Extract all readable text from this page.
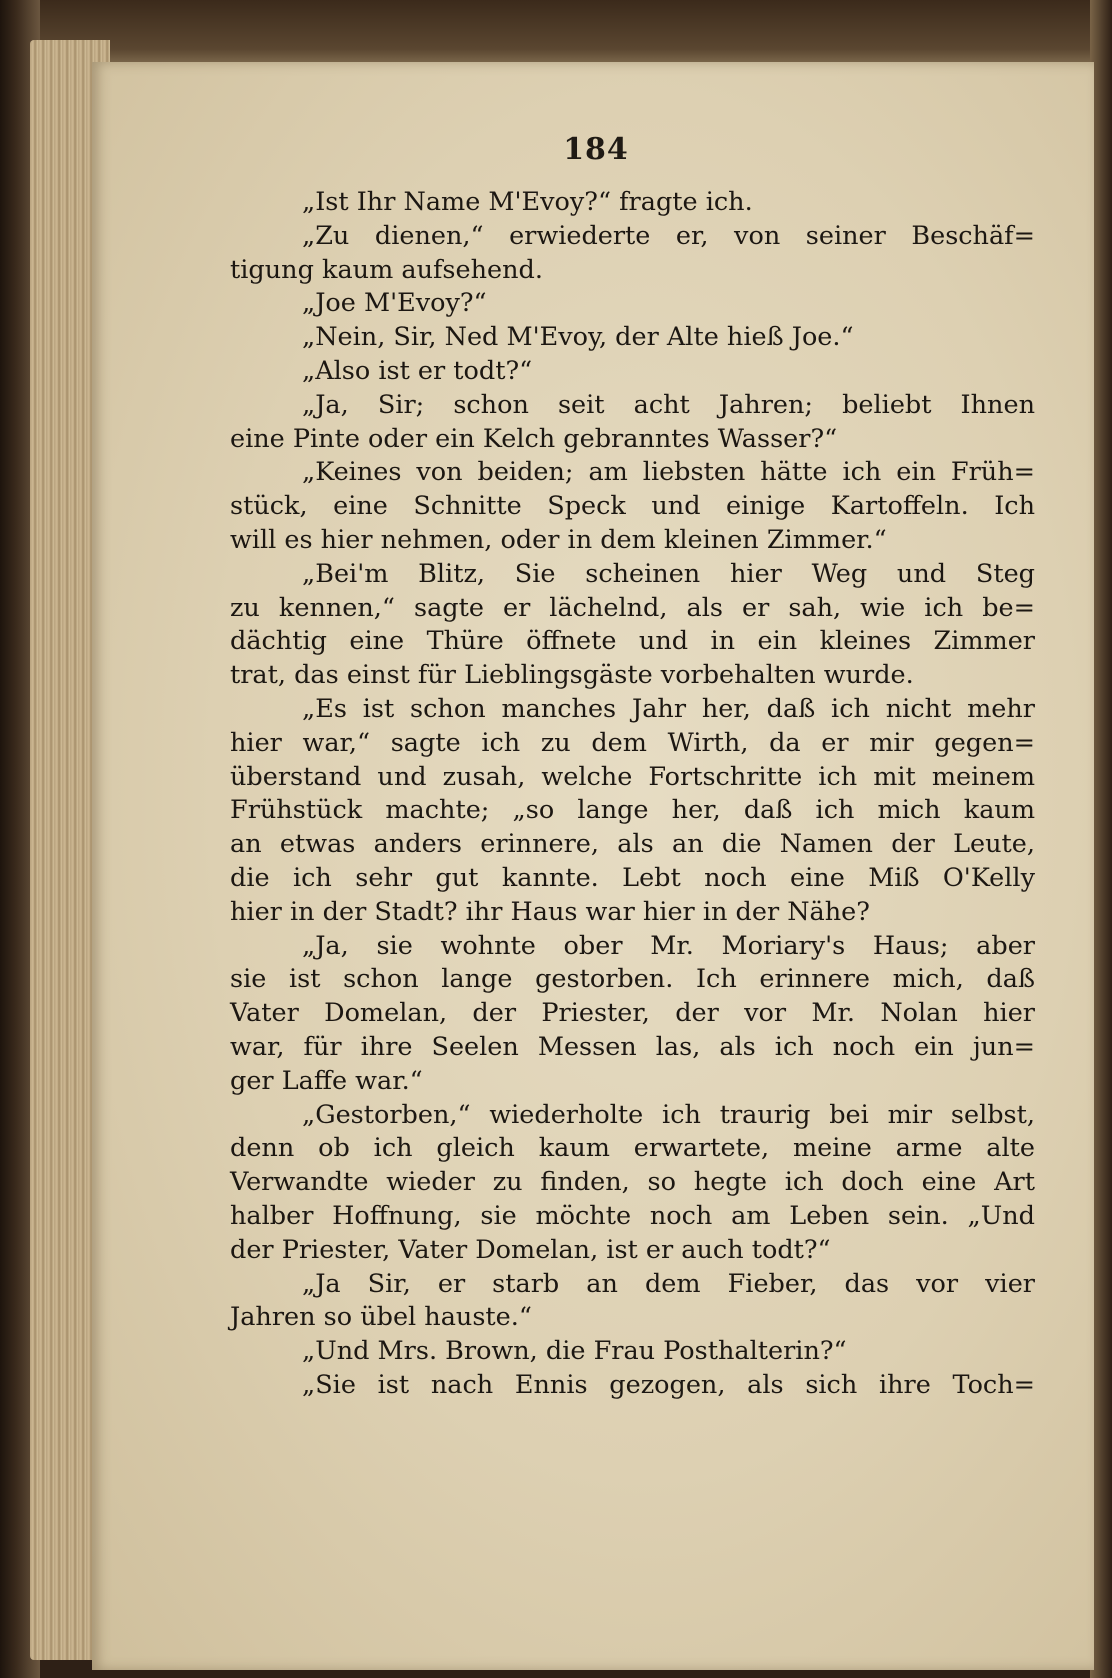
184
„Ist Ihr Name M'Evoy?“ fragte ich.
„Zu dienen,“ erwiederte er, von seiner Beschäf=
tigung kaum aufsehend.
„Joe M'Evoy?“
„Nein, Sir, Ned M'Evoy, der Alte hieß Joe.“
„Also ist er todt?“
„Ja, Sir; schon seit acht Jahren; beliebt Ihnen
eine Pinte oder ein Kelch gebranntes Wasser?“
„Keines von beiden; am liebsten hätte ich ein Früh=
stück, eine Schnitte Speck und einige Kartoffeln. Ich
will es hier nehmen, oder in dem kleinen Zimmer.“
„Bei'm Blitz, Sie scheinen hier Weg und Steg
zu kennen,“ sagte er lächelnd, als er sah, wie ich be=
dächtig eine Thüre öffnete und in ein kleines Zimmer
trat, das einst für Lieblingsgäste vorbehalten wurde.
„Es ist schon manches Jahr her, daß ich nicht mehr
hier war,“ sagte ich zu dem Wirth, da er mir gegen=
überstand und zusah, welche Fortschritte ich mit meinem
Frühstück machte; „so lange her, daß ich mich kaum
an etwas anders erinnere, als an die Namen der Leute,
die ich sehr gut kannte. Lebt noch eine Miß O'Kelly
hier in der Stadt? ihr Haus war hier in der Nähe?
„Ja, sie wohnte ober Mr. Moriary's Haus; aber
sie ist schon lange gestorben. Ich erinnere mich, daß
Vater Domelan, der Priester, der vor Mr. Nolan hier
war, für ihre Seelen Messen las, als ich noch ein jun=
ger Laffe war.“
„Gestorben,“ wiederholte ich traurig bei mir selbst,
denn ob ich gleich kaum erwartete, meine arme alte
Verwandte wieder zu finden, so hegte ich doch eine Art
halber Hoffnung, sie möchte noch am Leben sein. „Und
der Priester, Vater Domelan, ist er auch todt?“
„Ja Sir, er starb an dem Fieber, das vor vier
Jahren so übel hauste.“
„Und Mrs. Brown, die Frau Posthalterin?“
„Sie ist nach Ennis gezogen, als sich ihre Toch=
